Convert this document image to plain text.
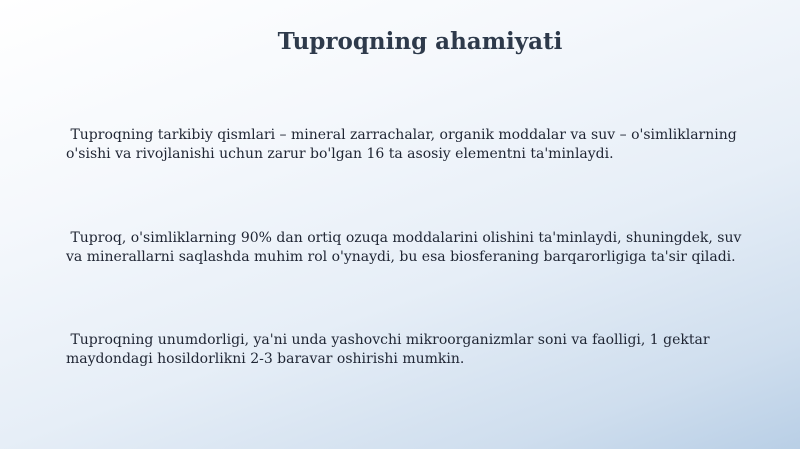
Tuproqning ahamiyati

Tuproqning tarkibiy qismlari – mineral zarrachalar, organik moddalar va suv – o'simliklarning o'sishi va rivojlanishi uchun zarur bo'lgan 16 ta asosiy elementni ta'minlaydi.

Tuproq, o'simliklarning 90% dan ortiq ozuqa moddalarini olishini ta'minlaydi, shuningdek, suv va minerallarni saqlashda muhim rol o'ynaydi, bu esa biosferaning barqarorligiga ta'sir qiladi.

Tuproqning unumdorligi, ya'ni unda yashovchi mikroorganizmlar soni va faolligi, 1 gektar maydondagi hosildorlikni 2-3 baravar oshirishi mumkin.
